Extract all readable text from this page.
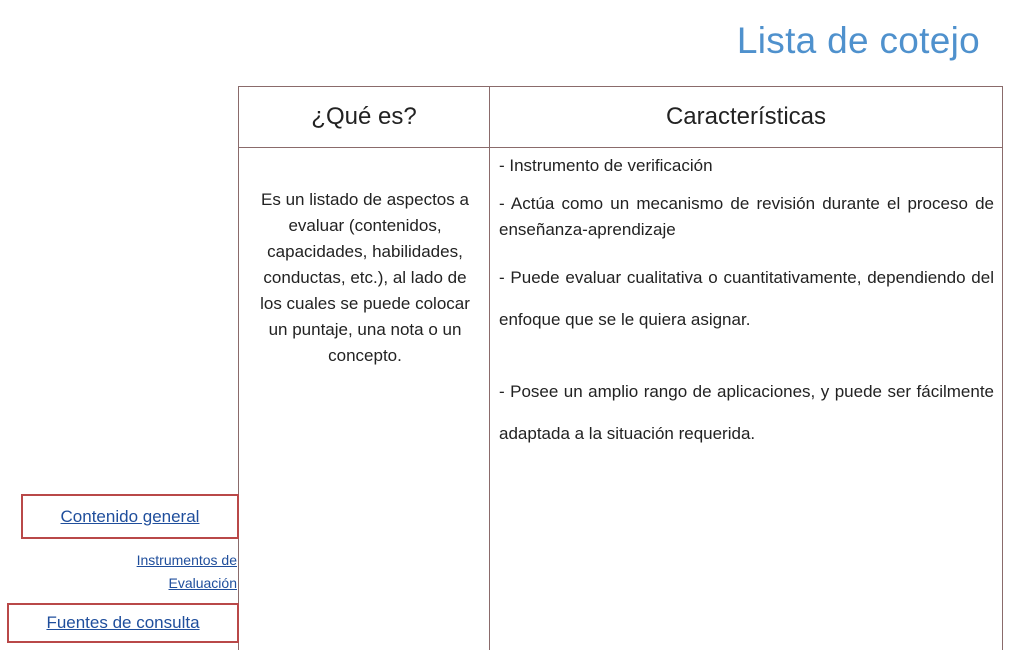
Lista de cotejo
¿Qué es?	Características
Es un listado de aspectos a evaluar (contenidos, capacidades, habilidades, conductas, etc.), al lado de los cuales se puede colocar un puntaje, una nota o un concepto.

- Instrumento de verificación

- Actúa como un mecanismo de revisión durante el proceso de enseñanza-aprendizaje

- Puede evaluar cualitativa o cuantitativamente, dependiendo del enfoque que se le quiera asignar.

- Posee un amplio rango de aplicaciones, y puede ser fácilmente adaptada a la situación requerida.

Contenido general
Instrumentos de
Evaluación
Fuentes de consulta
